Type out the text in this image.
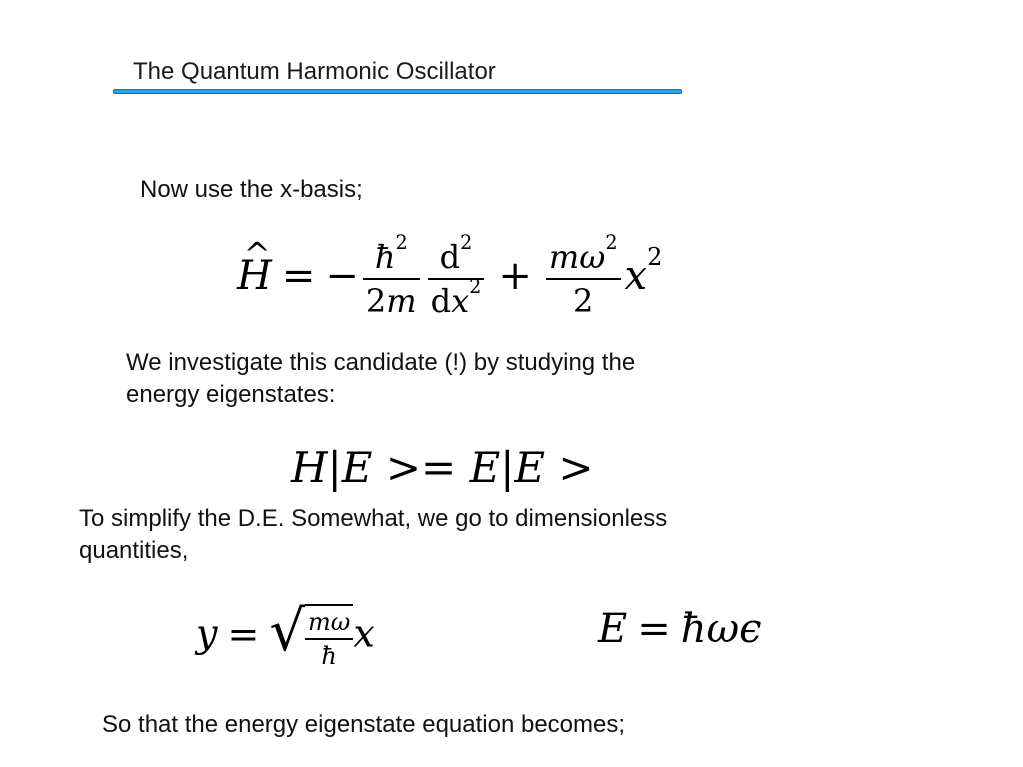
The Quantum Harmonic Oscillator
Now use the x-basis;
^ H = − $\frac{ħ^2}{2m} \frac{d^2}{dx^2} + \frac{m\omega^2}{2} x^2$
We investigate this candidate (!) by studying the
energy eigenstates:
H|E >= E|E >
To simplify the D.E. Somewhat, we go to dimensionless
quantities,
y = √ $\frac{m\omega}{ħ}$ x	E = ħωϵ
So that the energy eigenstate equation becomes;
